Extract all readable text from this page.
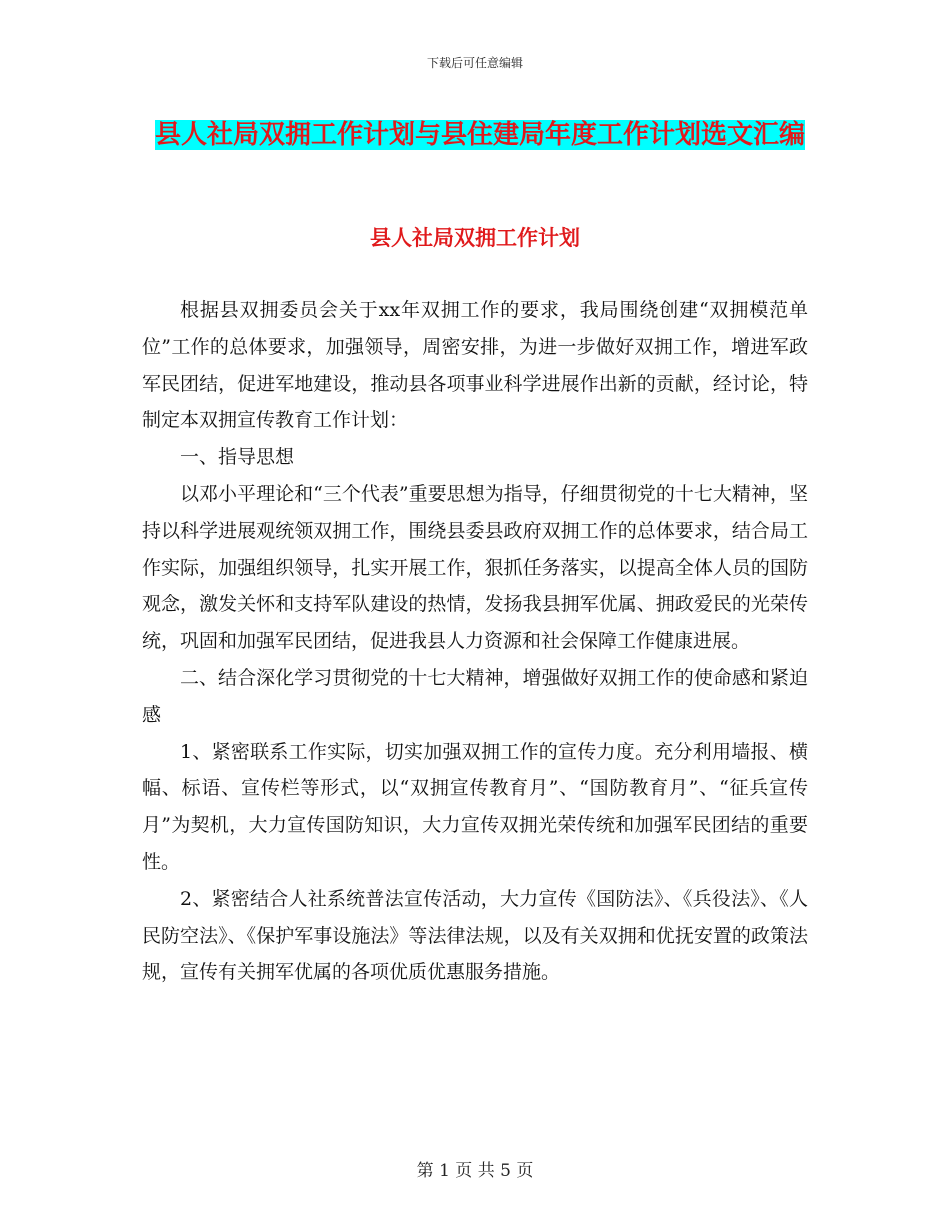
下载后可任意编辑
县人社局双拥工作计划与县住建局年度工作计划选文汇编
县人社局双拥工作计划

根据县双拥委员会关于xx年双拥工作的要求，我局围绕创建“双拥模范单位”工作的总体要求，加强领导，周密安排，为进一步做好双拥工作，增进军政军民团结，促进军地建设，推动县各项事业科学进展作出新的贡献，经讨论，特制定本双拥宣传教育工作计划：

一、指导思想

以邓小平理论和“三个代表”重要思想为指导，仔细贯彻党的十七大精神，坚持以科学进展观统领双拥工作，围绕县委县政府双拥工作的总体要求，结合局工作实际，加强组织领导，扎实开展工作，狠抓任务落实，以提高全体人员的国防观念，激发关怀和支持军队建设的热情，发扬我县拥军优属、拥政爱民的光荣传统，巩固和加强军民团结，促进我县人力资源和社会保障工作健康进展。

二、结合深化学习贯彻党的十七大精神，增强做好双拥工作的使命感和紧迫感

1、紧密联系工作实际，切实加强双拥工作的宣传力度。充分利用墙报、横幅、标语、宣传栏等形式，以“双拥宣传教育月”、“国防教育月”、“征兵宣传月”为契机，大力宣传国防知识，大力宣传双拥光荣传统和加强军民团结的重要性。

2、紧密结合人社系统普法宣传活动，大力宣传《国防法》、《兵役法》、《人民防空法》、《保护军事设施法》等法律法规，以及有关双拥和优抚安置的政策法规，宣传有关拥军优属的各项优质优惠服务措施。

第 1 页 共 5 页
